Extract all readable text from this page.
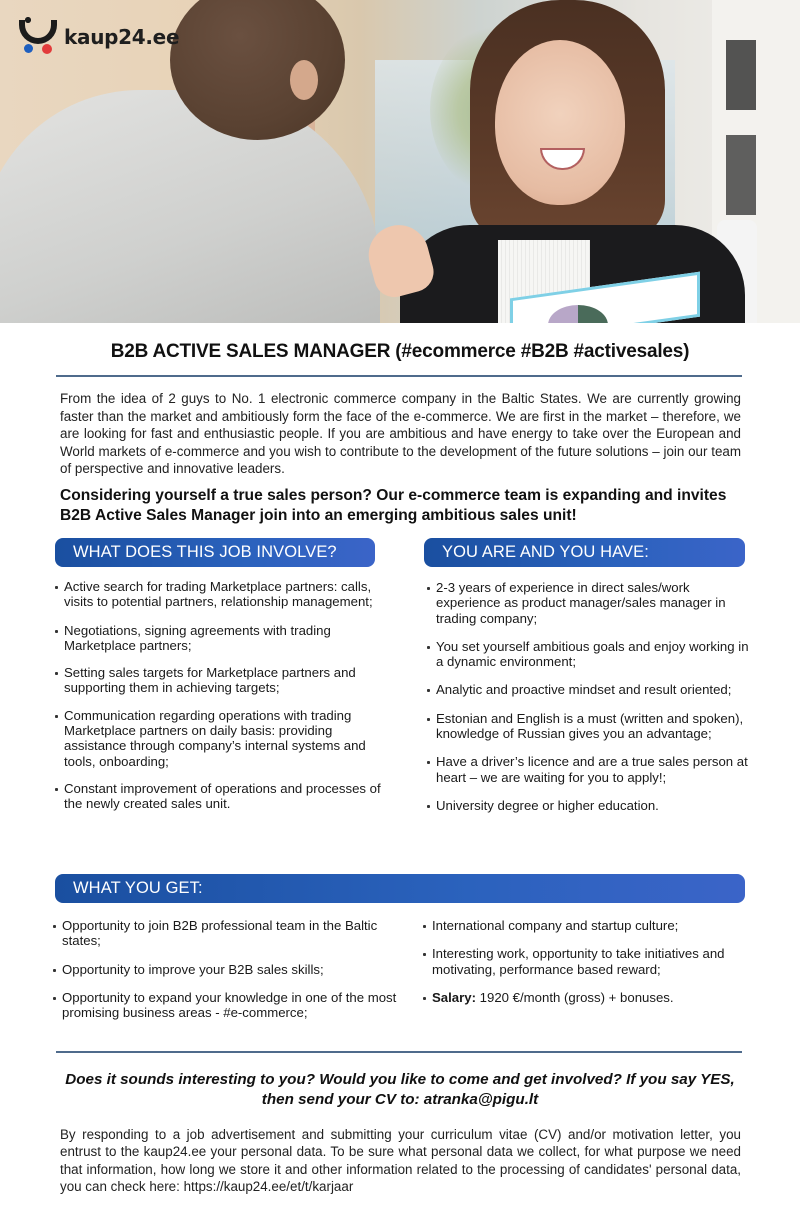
kaup24.ee
B2B ACTIVE SALES MANAGER (#ecommerce #B2B #activesales)

From the idea of 2 guys to No. 1 electronic commerce company in the Baltic States. We are currently growing faster than the market and ambitiously form the face of the e-commerce. We are first in the market – therefore, we are looking for fast and enthusiastic people. If you are ambitious and have energy to take over the European and World markets of e-commerce and you wish to contribute to the development of the future solutions – join our team of perspective and innovative leaders.

Considering yourself a true sales person? Our e-commerce team is expanding and invites B2B Active Sales Manager join into an emerging ambitious sales unit!

WHAT DOES THIS JOB INVOLVE?
Active search for trading Marketplace partners: calls, visits to potential partners, relationship management;
Negotiations, signing agreements with trading Marketplace partners;
Setting sales targets for Marketplace partners and supporting them in achieving targets;
Communication regarding operations with trading Marketplace partners on daily basis: providing assistance through company’s internal systems and tools, onboarding;
Constant improvement of operations and processes of the newly created sales unit.
YOU ARE AND YOU HAVE:
2-3 years of experience in direct sales/work experience as product manager/sales manager in trading company;
You set yourself ambitious goals and enjoy working in a dynamic environment;
Analytic and proactive mindset and result oriented;
Estonian and English is a must (written and spoken), knowledge of Russian gives you an advantage;
Have a driver’s licence and are a true sales person at heart – we are waiting for you to apply!;
University degree or higher education.
WHAT YOU GET:
Opportunity to join B2B professional team in the Baltic states;
Opportunity to improve your B2B sales skills;
Opportunity to expand your knowledge in one of the most promising business areas - #e-commerce;
International company and startup culture;
Interesting work, opportunity to take initiatives and motivating, performance based reward;
Salary: 1920 €/month (gross) + bonuses.

Does it sounds interesting to you? Would you like to come and get involved? If you say YES, then send your CV to: atranka@pigu.lt

By responding to a job advertisement and submitting your curriculum vitae (CV) and/or motivation letter, you entrust to the kaup24.ee your personal data. To be sure what personal data we collect, for what purpose we need that information, how long we store it and other information related to the processing of candidates' personal data, you can check here: https://kaup24.ee/et/t/karjaar
